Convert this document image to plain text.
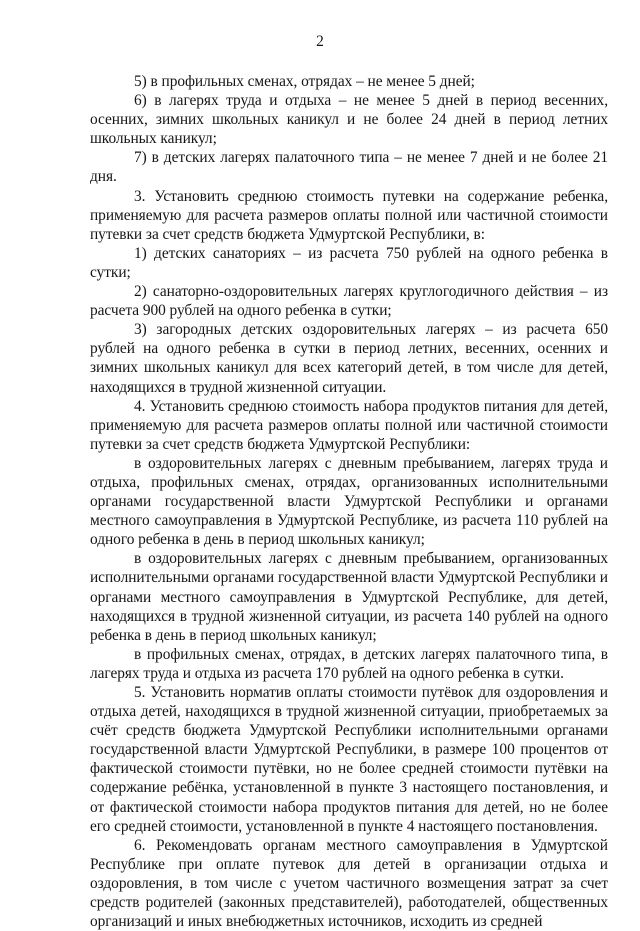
2

5) в профильных сменах, отрядах – не менее 5 дней;

6) в лагерях труда и отдыха – не менее 5 дней в период весенних, осенних, зимних школьных каникул и не более 24 дней в период летних школьных каникул;

7) в детских лагерях палаточного типа – не менее 7 дней и не более 21 дня.

3. Установить среднюю стоимость путевки на содержание ребенка, применяемую для расчета размеров оплаты полной или частичной стоимости путевки за счет средств бюджета Удмуртской Республики, в:

1) детских санаториях – из расчета 750 рублей на одного ребенка в сутки;

2) санаторно-оздоровительных лагерях круглогодичного действия – из расчета 900 рублей на одного ребенка в сутки;

3) загородных детских оздоровительных лагерях – из расчета 650 рублей на одного ребенка в сутки в период летних, весенних, осенних и зимних школьных каникул для всех категорий детей, в том числе для детей, находящихся в трудной жизненной ситуации.

4. Установить среднюю стоимость набора продуктов питания для детей, применяемую для расчета размеров оплаты полной или частичной стоимости путевки за счет средств бюджета Удмуртской Республики:

в оздоровительных лагерях с дневным пребыванием, лагерях труда и отдыха, профильных сменах, отрядах, организованных исполнительными органами государственной власти Удмуртской Республики и органами местного самоуправления в Удмуртской Республике, из расчета 110 рублей на одного ребенка в день в период школьных каникул;

в оздоровительных лагерях с дневным пребыванием, организованных исполнительными органами государственной власти Удмуртской Республики и органами местного самоуправления в Удмуртской Республике, для детей, находящихся в трудной жизненной ситуации, из расчета 140 рублей на одного ребенка в день в период школьных каникул;

в профильных сменах, отрядах, в детских лагерях палаточного типа, в лагерях труда и отдыха из расчета 170 рублей на одного ребенка в сутки.

5. Установить норматив оплаты стоимости путёвок для оздоровления и отдыха детей, находящихся в трудной жизненной ситуации, приобретаемых за счёт средств бюджета Удмуртской Республики исполнительными органами государственной власти Удмуртской Республики, в размере 100 процентов от фактической стоимости путёвки, но не более средней стоимости путёвки на содержание ребёнка, установленной в пункте 3 настоящего постановления, и от фактической стоимости набора продуктов питания для детей, но не более его средней стоимости, установленной в пункте 4 настоящего постановления.

6. Рекомендовать органам местного самоуправления в Удмуртской Республике при оплате путевок для детей в организации отдыха и оздоровления, в том числе с учетом частичного возмещения затрат за счет средств родителей (законных представителей), работодателей, общественных организаций и иных внебюджетных источников, исходить из средней
